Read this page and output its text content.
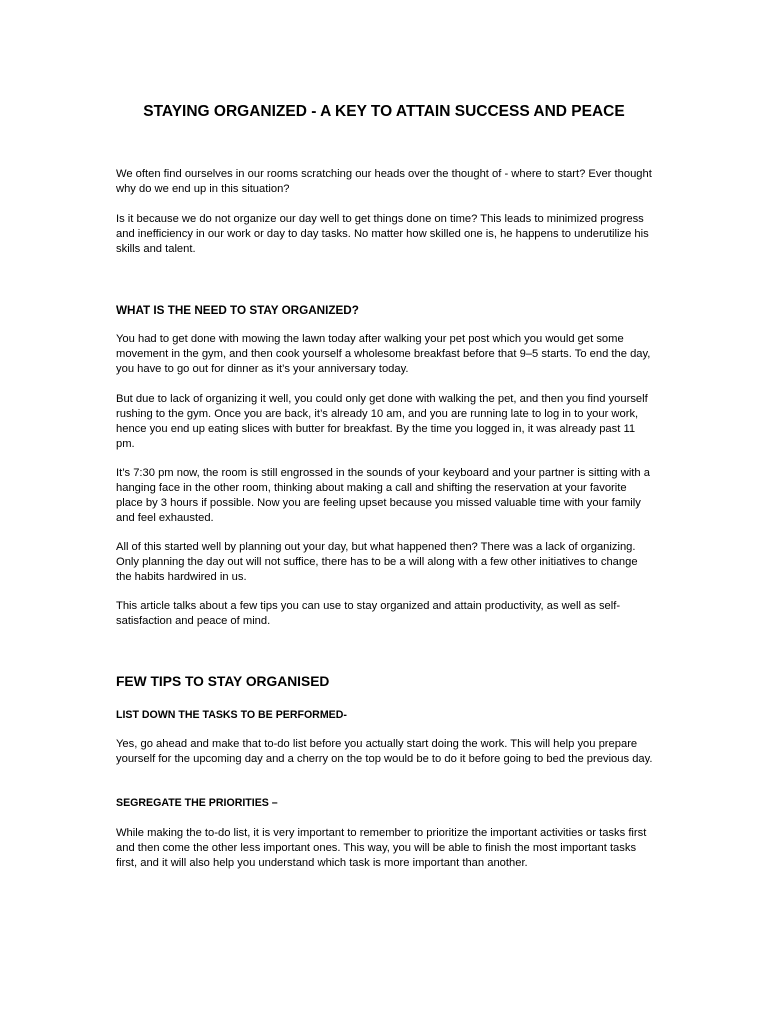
STAYING ORGANIZED - A KEY TO ATTAIN SUCCESS AND PEACE

We often find ourselves in our rooms scratching our heads over the thought of - where to start? Ever thought why do we end up in this situation?

Is it because we do not organize our day well to get things done on time? This leads to minimized progress and inefficiency in our work or day to day tasks. No matter how skilled one is, he happens to underutilize his skills and talent.

WHAT IS THE NEED TO STAY ORGANIZED?

You had to get done with mowing the lawn today after walking your pet post which you would get some movement in the gym, and then cook yourself a wholesome breakfast before that 9–5 starts. To end the day, you have to go out for dinner as it’s your anniversary today.

But due to lack of organizing it well, you could only get done with walking the pet, and then you find yourself rushing to the gym. Once you are back, it’s already 10 am, and you are running late to log in to your work, hence you end up eating slices with butter for breakfast. By the time you logged in, it was already past 11 pm.

It’s 7:30 pm now, the room is still engrossed in the sounds of your keyboard and your partner is sitting with a hanging face in the other room, thinking about making a call and shifting the reservation at your favorite place by 3 hours if possible. Now you are feeling upset because you missed valuable time with your family and feel exhausted.

All of this started well by planning out your day, but what happened then? There was a lack of organizing. Only planning the day out will not suffice, there has to be a will along with a few other initiatives to change the habits hardwired in us.

This article talks about a few tips you can use to stay organized and attain productivity, as well as self-satisfaction and peace of mind.

FEW TIPS TO STAY ORGANISED
LIST DOWN THE TASKS TO BE PERFORMED-

Yes, go ahead and make that to-do list before you actually start doing the work. This will help you prepare yourself for the upcoming day and a cherry on the top would be to do it before going to bed the previous day.

SEGREGATE THE PRIORITIES –

While making the to-do list, it is very important to remember to prioritize the important activities or tasks first and then come the other less important ones. This way, you will be able to finish the most important tasks first, and it will also help you understand which task is more important than another.
